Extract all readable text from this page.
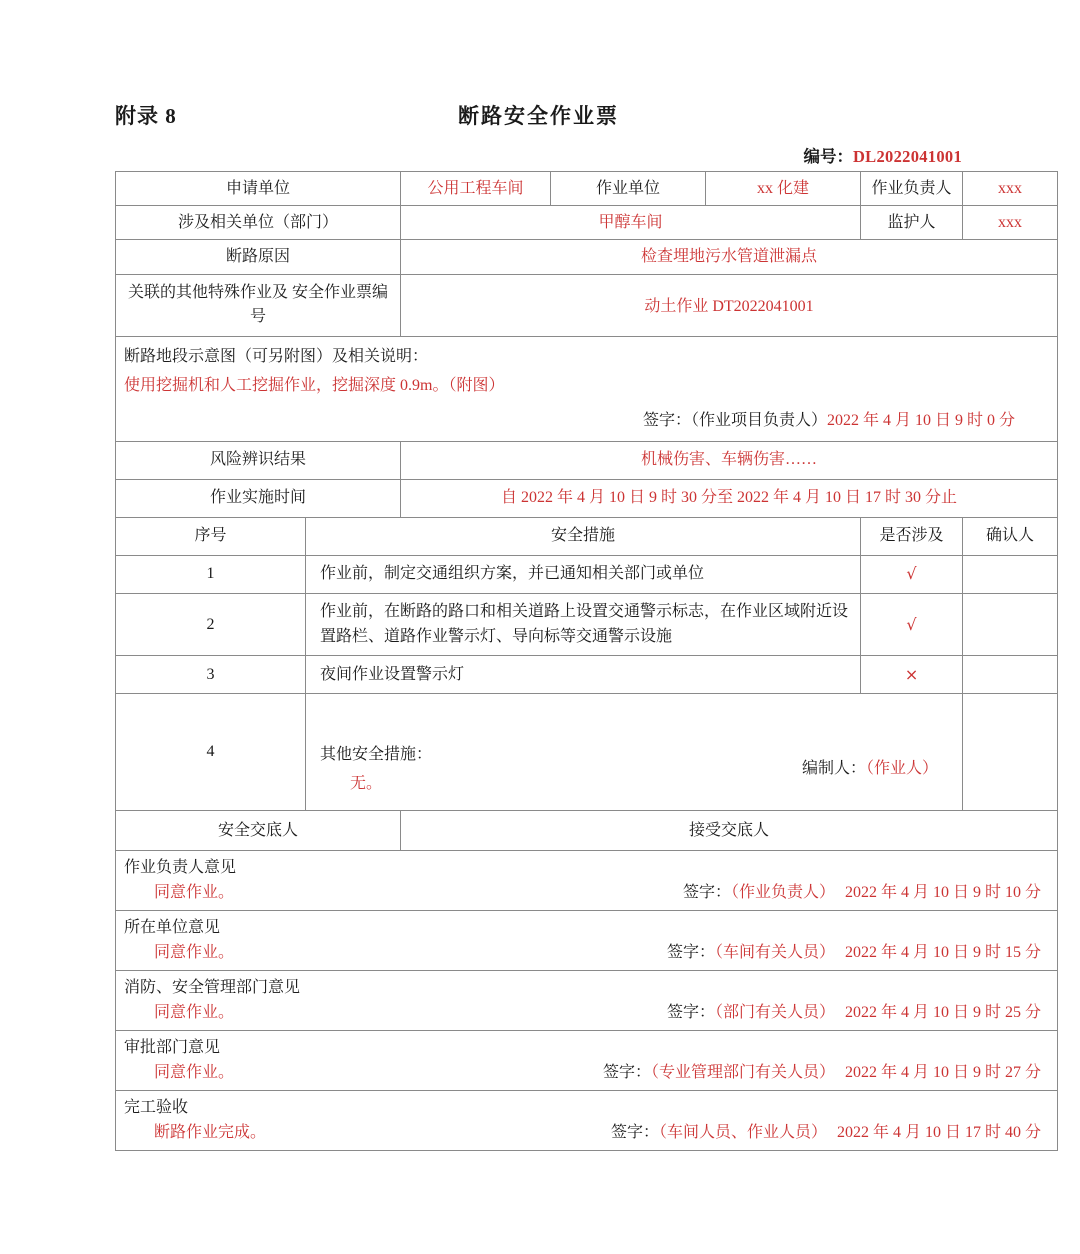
附录 8	断路安全作业票
编号：DL2022041001
申请单位		公用工程车间	作业单位	xx 化建	作业负责人	xxx
涉及相关单位（部门）		甲醇车间			监护人	xxx
断路原因		检查埋地污水管道泄漏点				
关联的其他特殊作业及 安全作业票编号		动土作业 DT2022041001				

断路地段示意图（可另附图）及相关说明：
使用挖掘机和人工挖掘作业，挖掘深度 0.9m。（附图）
签字：（作业项目负责人）2022 年 4 月 10 日 9 时 0 分						

风险辨识结果		机械伤害、车辆伤害……				
作业实施时间		自 2022 年 4 月 10 日 9 时 30 分至 2022 年 4 月 10 日 17 时 30 分止				
序号	安全措施				是否涉及	确认人
1	作业前，制定交通组织方案，并已通知相关部门或单位				√	
2	作业前，在断路的路口和相关道路上设置交通警示标志，在作业区域附近设置路栏、道路作业警示灯、导向标等交通警示设施				√	
3	夜间作业设置警示灯				×	
4	其他安全措施：
无。
编制人：（作业人）					

安全交底人		接受交底人				

作业负责人意见
同意作业。 签字：（作业负责人） 2022 年 4 月 10 日 9 时 10 分						

所在单位意见
同意作业。 签字：（车间有关人员） 2022 年 4 月 10 日 9 时 15 分						

消防、安全管理部门意见
同意作业。 签字：（部门有关人员） 2022 年 4 月 10 日 9 时 25 分						

审批部门意见
同意作业。 签字：（专业管理部门有关人员） 2022 年 4 月 10 日 9 时 27 分						

完工验收
断路作业完成。 签字：（车间人员、作业人员） 2022 年 4 月 10 日 17 时 40 分						
